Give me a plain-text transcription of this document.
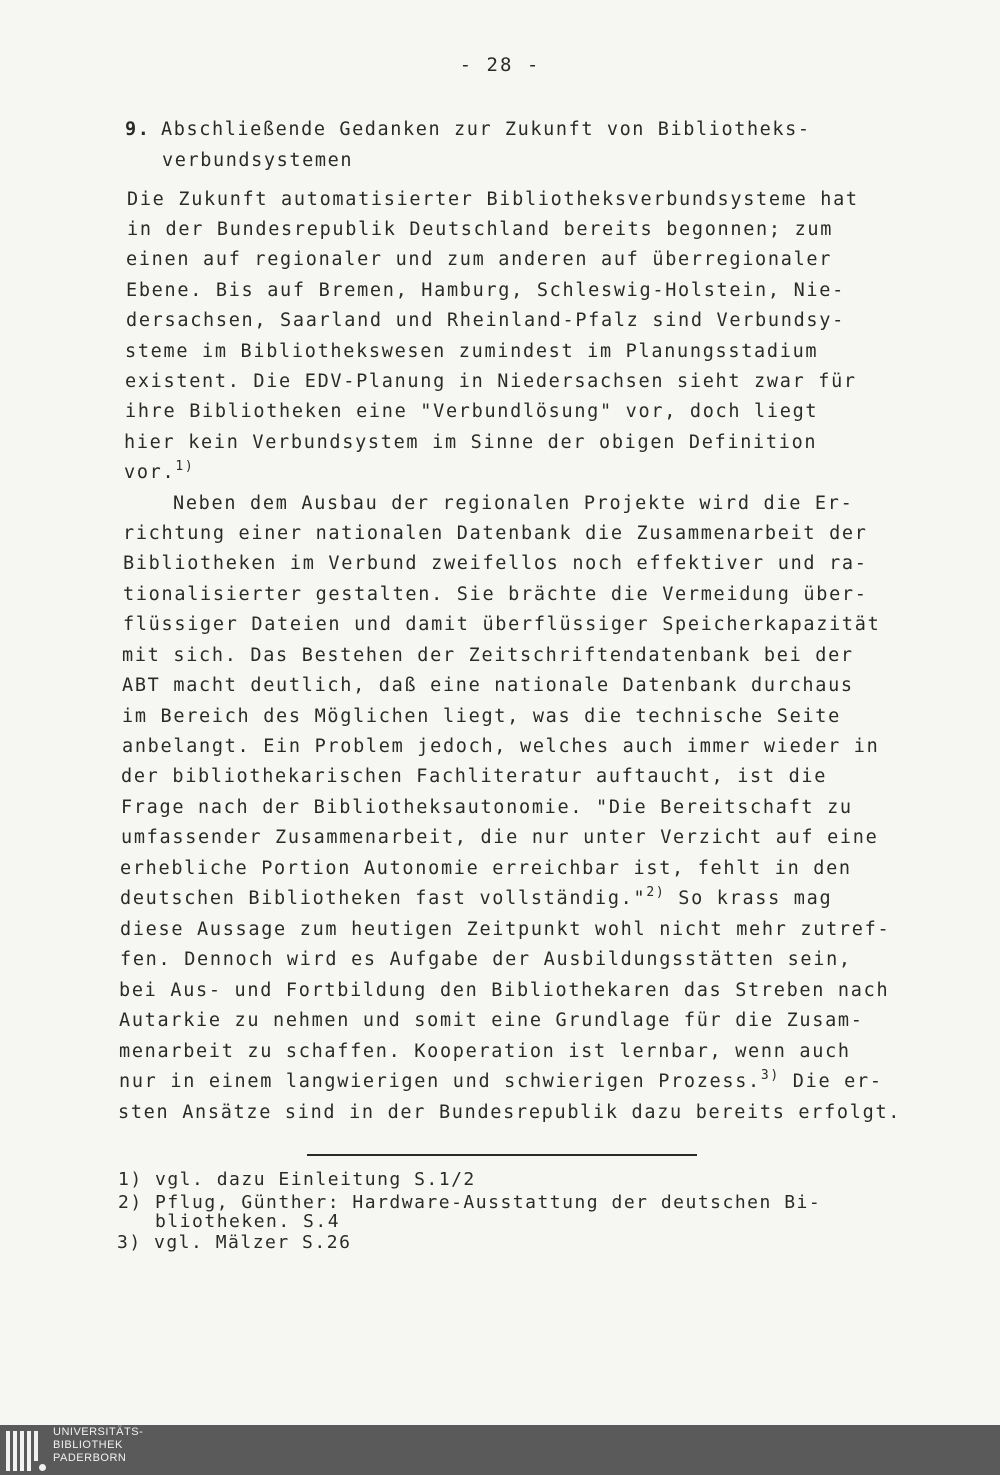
- 28 -
9. Abschließende Gedanken zur Zukunft von Bibliotheks-
verbundsystemen
Die Zukunft automatisierter Bibliotheksverbundsysteme hat
in der Bundesrepublik Deutschland bereits begonnen; zum
einen auf regionaler und zum anderen auf überregionaler
Ebene. Bis auf Bremen, Hamburg, Schleswig-Holstein, Nie-
dersachsen, Saarland und Rheinland-Pfalz sind Verbundsy-
steme im Bibliothekswesen zumindest im Planungsstadium
existent. Die EDV-Planung in Niedersachsen sieht zwar für
ihre Bibliotheken eine "Verbundlösung" vor, doch liegt
hier kein Verbundsystem im Sinne der obigen Definition
vor.$^{1)}$
Neben dem Ausbau der regionalen Projekte wird die Er-
richtung einer nationalen Datenbank die Zusammenarbeit der
Bibliotheken im Verbund zweifellos noch effektiver und ra-
tionalisierter gestalten. Sie brächte die Vermeidung über-
flüssiger Dateien und damit überflüssiger Speicherkapazität
mit sich. Das Bestehen der Zeitschriftendatenbank bei der
ABT macht deutlich, daß eine nationale Datenbank durchaus
im Bereich des Möglichen liegt, was die technische Seite
anbelangt. Ein Problem jedoch, welches auch immer wieder in
der bibliothekarischen Fachliteratur auftaucht, ist die
Frage nach der Bibliotheksautonomie. "Die Bereitschaft zu
umfassender Zusammenarbeit, die nur unter Verzicht auf eine
erhebliche Portion Autonomie erreichbar ist, fehlt in den
deutschen Bibliotheken fast vollständig."$^{2)}$ So krass mag
diese Aussage zum heutigen Zeitpunkt wohl nicht mehr zutref-
fen. Dennoch wird es Aufgabe der Ausbildungsstätten sein,
bei Aus- und Fortbildung den Bibliothekaren das Streben nach
Autarkie zu nehmen und somit eine Grundlage für die Zusam-
menarbeit zu schaffen. Kooperation ist lernbar, wenn auch
nur in einem langwierigen und schwierigen Prozess.$^{3)}$ Die er-
sten Ansätze sind in der Bundesrepublik dazu bereits erfolgt.
1) vgl. dazu Einleitung S.1/2
2) Pflug, Günther: Hardware-Ausstattung der deutschen Bi-
bliotheken. S.4
3) vgl. Mälzer S.26
UNIVERSITÄTS-
BIBLIOTHEK
PADERBORN
